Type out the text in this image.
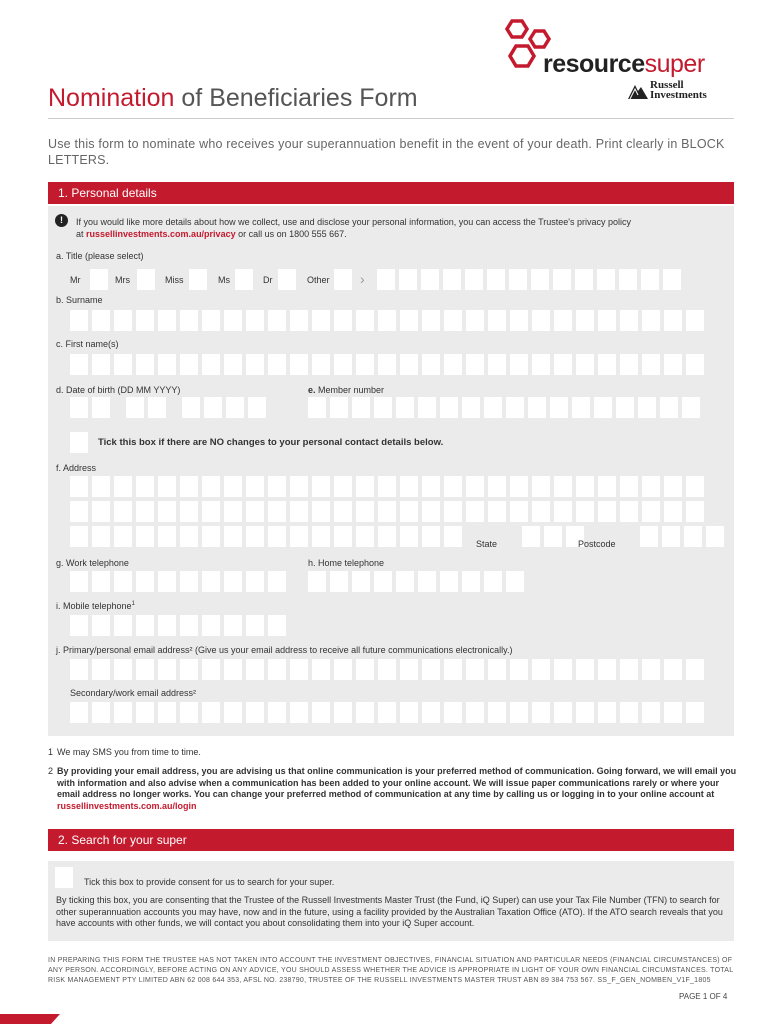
resourcesuper
Russell
Investments
Nomination of Beneficiaries Form
Use this form to nominate who receives your superannuation benefit in the event of your death. Print clearly in BLOCK LETTERS.
1. Personal details
!	If you would like more details about how we collect, use and disclose your personal information, you can access the Trustee's privacy policy
at russellinvestments.com.au/privacy or call us on 1800 555 667.
a. Title (please select)
Mr	Mrs	Miss	Ms	Dr	Other ›
b. Surname
c. First name(s)
d. Date of birth (DD MM YYYY)	e. Member number
Tick this box if there are NO changes to your personal contact details below.
f. Address
State	Postcode
g. Work telephone	h. Home telephone
i. Mobile telephone$^1$
j. Primary/personal email address² (Give us your email address to receive all future communications electronically.)
Secondary/work email address²
1 We may SMS you from time to time.
2 By providing your email address, you are advising us that online communication is your preferred method of communication. Going forward, we will email you with information and also advise when a communication has been added to your online account. We will issue paper communications rarely or where your email address no longer works. You can change your preferred method of communication at any time by calling us or logging in to your online account at russellinvestments.com.au/login
2. Search for your super
Tick this box to provide consent for us to search for your super.
By ticking this box, you are consenting that the Trustee of the Russell Investments Master Trust (the Fund, iQ Super) can use your Tax File Number (TFN) to search for other superannuation accounts you may have, now and in the future, using a facility provided by the Australian Taxation Office (ATO). If the ATO search reveals that you have accounts with other funds, we will contact you about consolidating them into your iQ Super account.
IN PREPARING THIS FORM THE TRUSTEE HAS NOT TAKEN INTO ACCOUNT THE INVESTMENT OBJECTIVES, FINANCIAL SITUATION AND PARTICULAR NEEDS (FINANCIAL CIRCUMSTANCES) OF ANY PERSON. ACCORDINGLY, BEFORE ACTING ON ANY ADVICE, YOU SHOULD ASSESS WHETHER THE ADVICE IS APPROPRIATE IN LIGHT OF YOUR OWN FINANCIAL CIRCUMSTANCES. TOTAL RISK MANAGEMENT PTY LIMITED ABN 62 008 644 353, AFSL NO. 238790, TRUSTEE OF THE RUSSELL INVESTMENTS MASTER TRUST ABN 89 384 753 567. SS_F_GEN_NOMBEN_V1F_1805
PAGE 1 OF 4
